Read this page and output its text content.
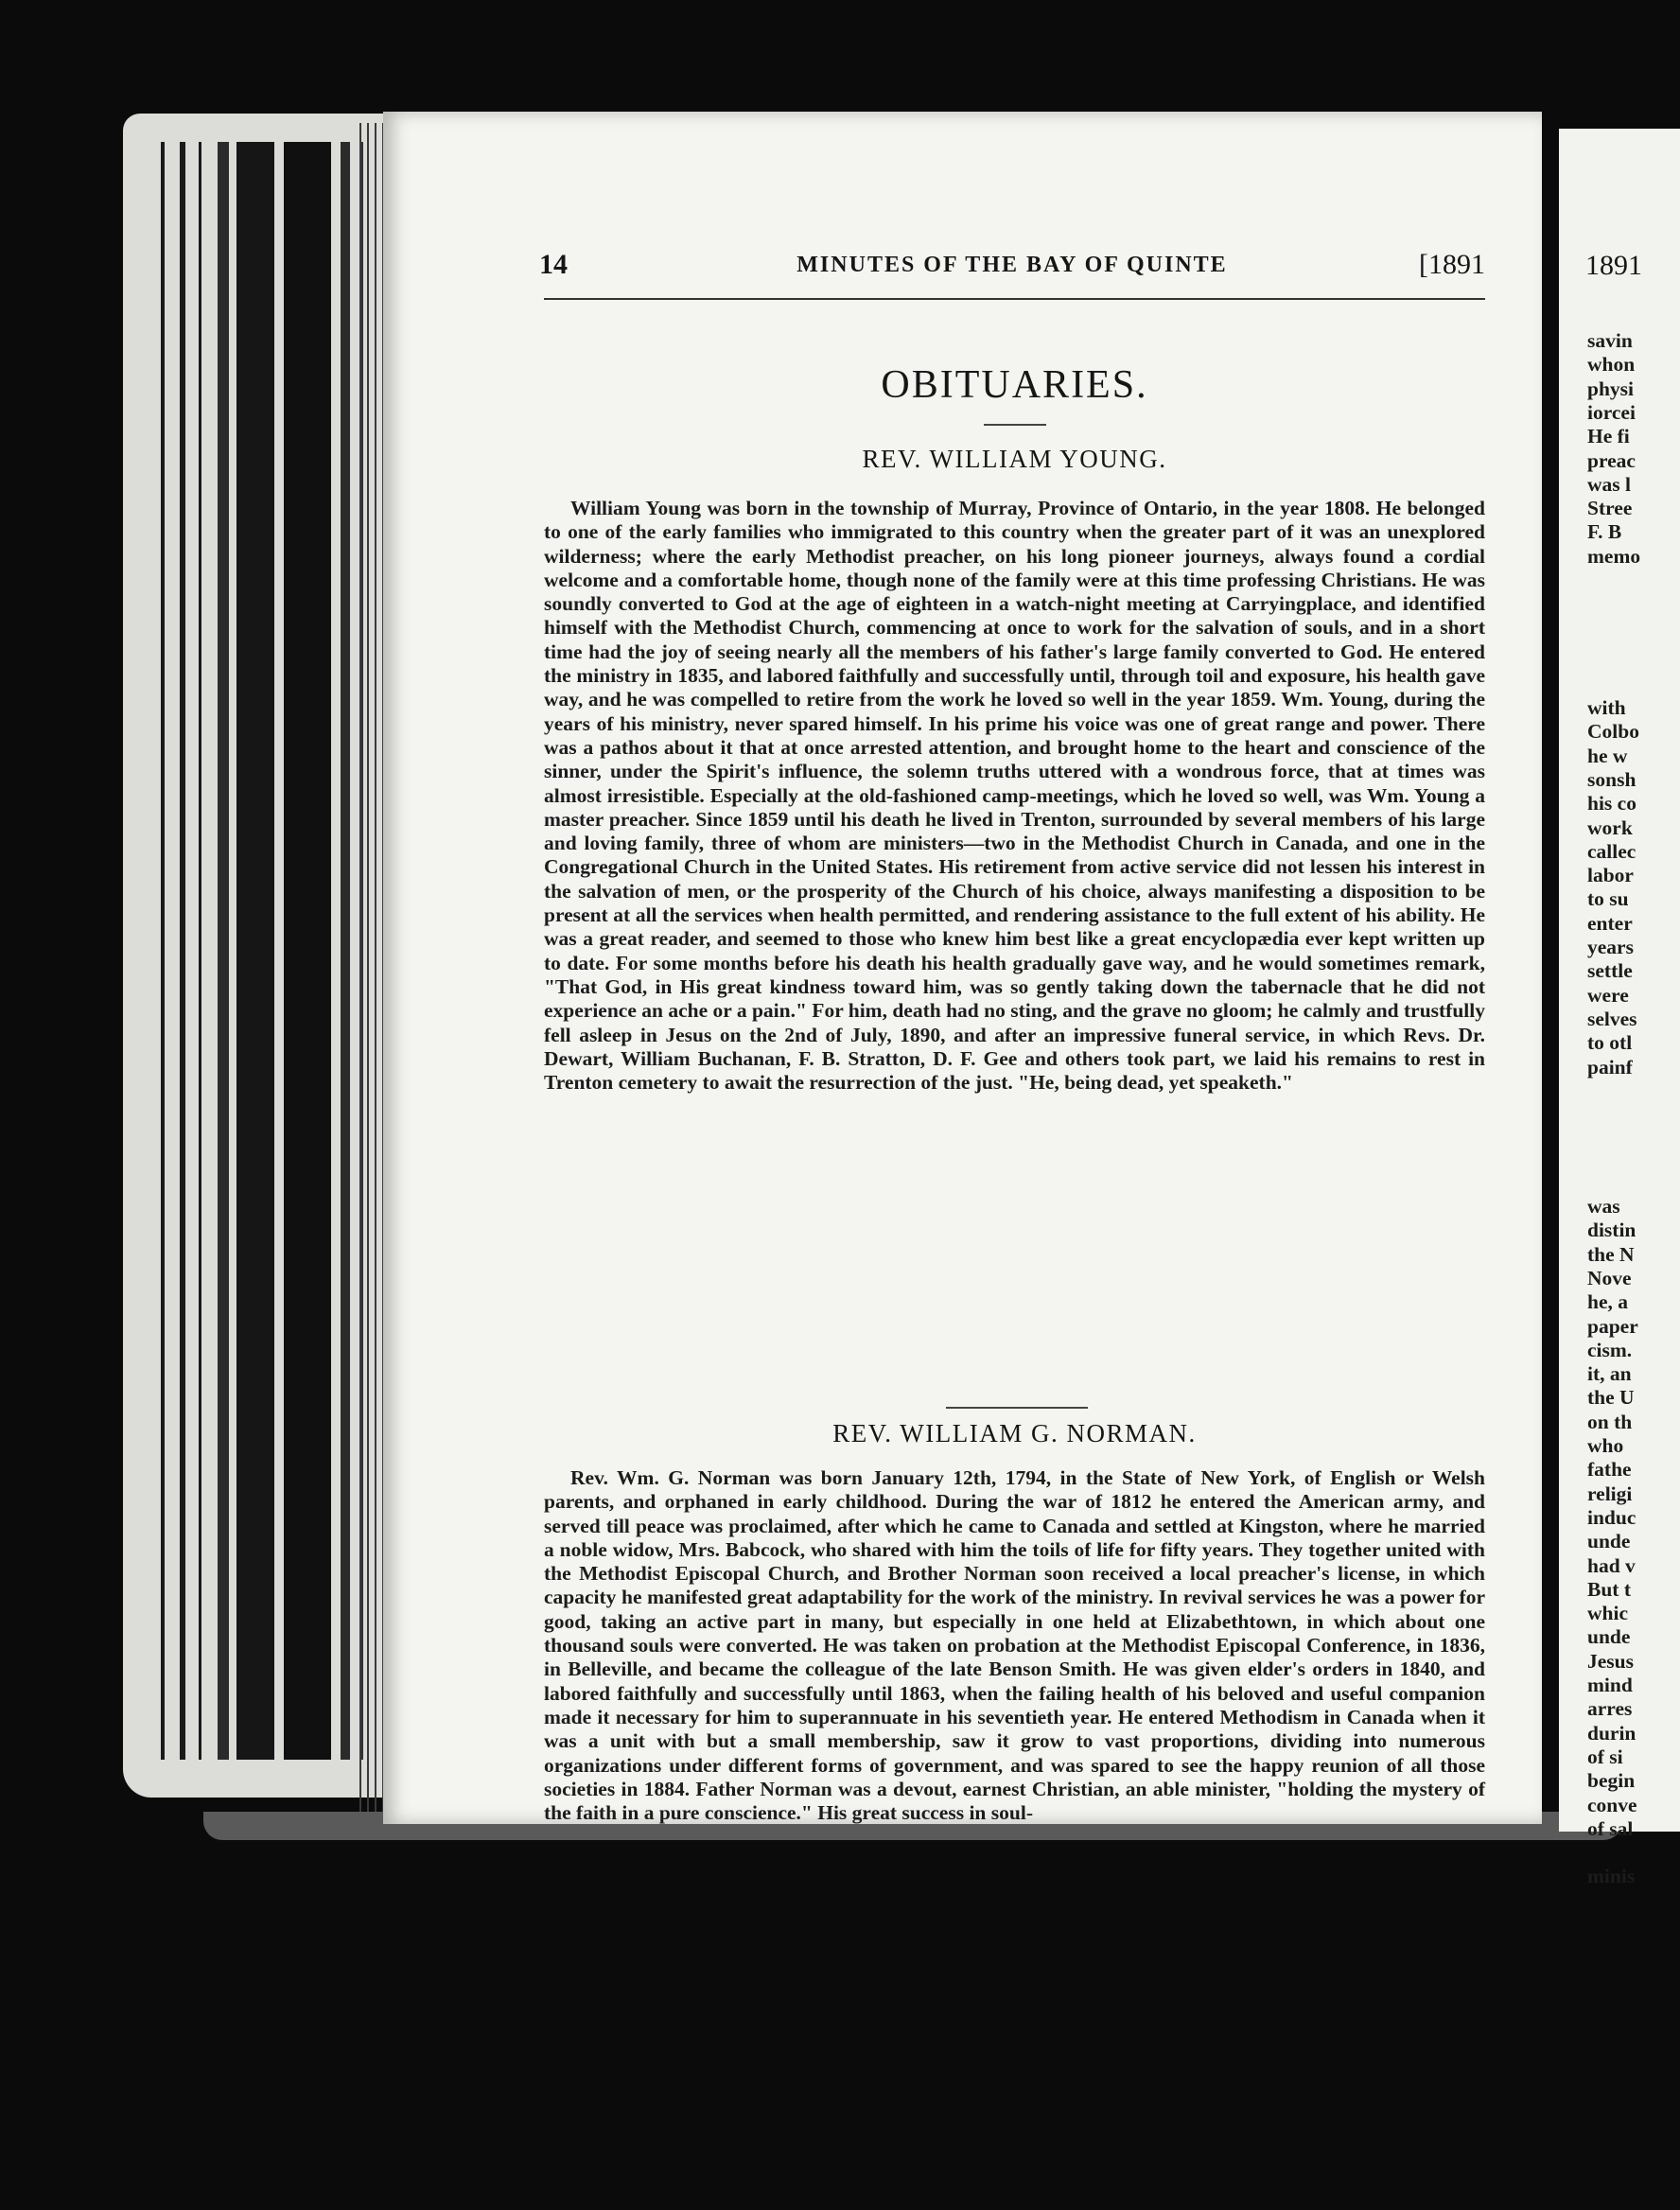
14	MINUTES OF THE BAY OF QUINTE	[1891
OBITUARIES.
REV. WILLIAM YOUNG.
William Young was born in the township of Murray, Province of Ontario, in the year 1808. He belonged to one of the early families who immigrated to this country when the greater part of it was an unexplored wilderness; where the early Methodist preacher, on his long pioneer journeys, always found a cordial welcome and a comfortable home, though none of the family were at this time professing Christians. He was soundly converted to God at the age of eighteen in a watch-night meeting at Carryingplace, and identified himself with the Methodist Church, commencing at once to work for the salvation of souls, and in a short time had the joy of seeing nearly all the members of his father's large family converted to God. He entered the ministry in 1835, and labored faithfully and successfully until, through toil and exposure, his health gave way, and he was compelled to retire from the work he loved so well in the year 1859. Wm. Young, during the years of his ministry, never spared himself. In his prime his voice was one of great range and power. There was a pathos about it that at once arrested attention, and brought home to the heart and conscience of the sinner, under the Spirit's influence, the solemn truths uttered with a wondrous force, that at times was almost irresistible. Especially at the old-fashioned camp-meetings, which he loved so well, was Wm. Young a master preacher. Since 1859 until his death he lived in Trenton, surrounded by several members of his large and loving family, three of whom are ministers—two in the Methodist Church in Canada, and one in the Congregational Church in the United States. His retirement from active service did not lessen his interest in the salvation of men, or the prosperity of the Church of his choice, always manifesting a disposition to be present at all the services when health permitted, and rendering assistance to the full extent of his ability. He was a great reader, and seemed to those who knew him best like a great encyclopædia ever kept written up to date. For some months before his death his health gradually gave way, and he would sometimes remark, "That God, in His great kindness toward him, was so gently taking down the tabernacle that he did not experience an ache or a pain." For him, death had no sting, and the grave no gloom; he calmly and trustfully fell asleep in Jesus on the 2nd of July, 1890, and after an impressive funeral service, in which Revs. Dr. Dewart, William Buchanan, F. B. Stratton, D. F. Gee and others took part, we laid his remains to rest in Trenton cemetery to await the resurrection of the just. "He, being dead, yet speaketh."
REV. WILLIAM G. NORMAN.
Rev. Wm. G. Norman was born January 12th, 1794, in the State of New York, of English or Welsh parents, and orphaned in early childhood. During the war of 1812 he entered the American army, and served till peace was proclaimed, after which he came to Canada and settled at Kingston, where he married a noble widow, Mrs. Babcock, who shared with him the toils of life for fifty years. They together united with the Methodist Episcopal Church, and Brother Norman soon received a local preacher's license, in which capacity he manifested great adaptability for the work of the ministry. In revival services he was a power for good, taking an active part in many, but especially in one held at Elizabethtown, in which about one thousand souls were converted. He was taken on probation at the Methodist Episcopal Conference, in 1836, in Belleville, and became the colleague of the late Benson Smith. He was given elder's orders in 1840, and labored faithfully and successfully until 1863, when the failing health of his beloved and useful companion made it necessary for him to superannuate in his seventieth year. He entered Methodism in Canada when it was a unit with but a small membership, saw it grow to vast proportions, dividing into numerous organizations under different forms of government, and was spared to see the happy reunion of all those societies in 1884. Father Norman was a devout, earnest Christian, an able minister, "holding the mystery of the faith in a pure conscience." His great success in soul-
1891
savin
whon
physi
iorcei
He fi
preac
was l
Stree
F. B
memo
with
Colbo
he w
sonsh
his co
work
callec
labor
to su
enter
years
settle
were
selves
to otl
painf
was
distin
the N
Nove
he, a
paper
cism.
it, an
the U
on th
who
fathe
religi
induc
unde
had v
But t
whic
unde
Jesus
mind
arres
durin
of si
begin
conve
of sal
minis
